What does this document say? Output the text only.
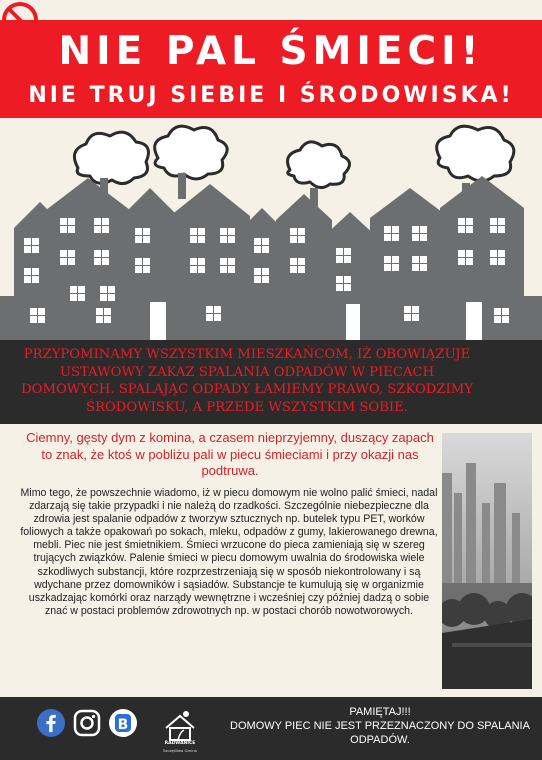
NIE PAL ŚMIECI!
NIE TRUJ SIEBIE I ŚRODOWISKA!
PRZYPOMINAMY WSZYSTKIM MIESZKAŃCOM, IŻ OBOWIĄZUJE USTAWOWY ZAKAZ SPALANIA ODPADÓW W PIECACH DOMOWYCH. SPALAJĄC ODPADY ŁAMIEMY PRAWO, SZKODZIMY ŚRODOWISKU, A PRZEDE WSZYSTKIM SOBIE.
Ciemny, gęsty dym z komina, a czasem nieprzyjemny, duszący zapach to znak, że ktoś w pobliżu pali w piecu śmieciami i przy okazji nas podtruwa.
Mimo tego, że powszechnie wiadomo, iż w piecu domowym nie wolno palić śmieci, nadal zdarzają się takie przypadki i nie należą do rzadkości. Szczególnie niebezpieczne dla zdrowia jest spalanie odpadów z tworzyw sztucznych np. butelek typu PET, worków foliowych a także opakowań po sokach, mleku, odpadów z gumy, lakierowanego drewna, mebli. Piec nie jest śmietnikiem. Śmieci wrzucone do pieca zamieniają się w szereg trujących związków. Palenie śmieci w piecu domowym uwalnia do środowiska wiele szkodliwych substancji, które rozprzestrzeniają się w sposób niekontrolowany i są wdychane przez domowników i sąsiadów. Substancje te kumulują się w organizmie uszkadzając komórki oraz narządy wewnętrzne i wcześniej czy później dadzą o sobie znać w postaci problemów zdrowotnych np. w postaci chorób nowotworowych.
B
RADWANICE
Szczęśliwa Gmina
PAMIĘTAJ!!!
DOMOWY PIEC NIE JEST PRZEZNACZONY DO SPALANIA ODPADÓW.
